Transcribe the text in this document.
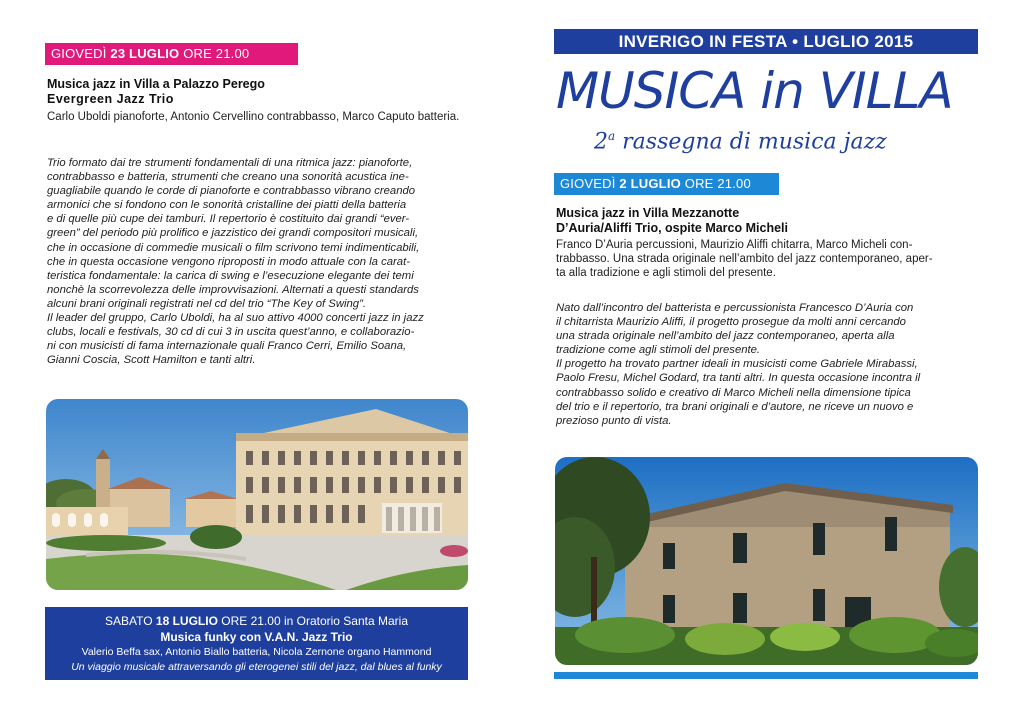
GIOVEDÌ 23 LUGLIO ORE 21.00
Musica jazz in Villa a Palazzo Perego
Evergreen Jazz Trio
Carlo Uboldi pianoforte, Antonio Cervellino contrabbasso, Marco Caputo batteria.
Trio formato dai tre strumenti fondamentali di una ritmica jazz: pianoforte,
contrabbasso e batteria, strumenti che creano una sonorità acustica ine-
guagliabile quando le corde di pianoforte e contrabbasso vibrano creando
armonici che si fondono con le sonorità cristalline dei piatti della batteria
e di quelle più cupe dei tamburi. Il repertorio è costituito dai grandi “ever-
green” del periodo più prolifico e jazzistico dei grandi compositori musicali,
che in occasione di commedie musicali o film scrivono temi indimenticabili,
che in questa occasione vengono riproposti in modo attuale con la carat-
teristica fondamentale: la carica di swing e l’esecuzione elegante dei temi
nonchè la scorrevolezza delle improvvisazioni. Alternati a questi standards
alcuni brani originali registrati nel cd del trio “The Key of Swing”.
Il leader del gruppo, Carlo Uboldi, ha al suo attivo 4000 concerti jazz in jazz
clubs, locali e festivals, 30 cd di cui 3 in uscita quest’anno, e collaborazio-
ni con musicisti di fama internazionale quali Franco Cerri, Emilio Soana,
Gianni Coscia, Scott Hamilton e tanti altri.
SABATO 18 LUGLIO ORE 21.00 in Oratorio Santa Maria
Musica funky con V.A.N. Jazz Trio
Valerio Beffa sax, Antonio Biallo batteria, Nicola Zernone organo Hammond
Un viaggio musicale attraversando gli eterogenei stili del jazz, dal blues al funky
INVERIGO IN FESTA • LUGLIO 2015
MUSICA in VILLA
2$^a$ rassegna di musica jazz
GIOVEDÌ 2 LUGLIO ORE 21.00
Musica jazz in Villa Mezzanotte
D’Auria/Aliffi Trio, ospite Marco Micheli
Franco D’Auria percussioni, Maurizio Aliffi chitarra, Marco Micheli con-
trabbasso. Una strada originale nell’ambito del jazz contemporaneo, aper-
ta alla tradizione e agli stimoli del presente.
Nato dall’incontro del batterista e percussionista Francesco D’Auria con
il chitarrista Maurizio Aliffi, il progetto prosegue da molti anni cercando
una strada originale nell’ambito del jazz contemporaneo, aperta alla
tradizione come agli stimoli del presente.
Il progetto ha trovato partner ideali in musicisti come Gabriele Mirabassi,
Paolo Fresu, Michel Godard, tra tanti altri. In questa occasione incontra il
contrabbasso solido e creativo di Marco Micheli nella dimensione tipica
del trio e il repertorio, tra brani originali e d’autore, ne riceve un nuovo e
prezioso punto di vista.
